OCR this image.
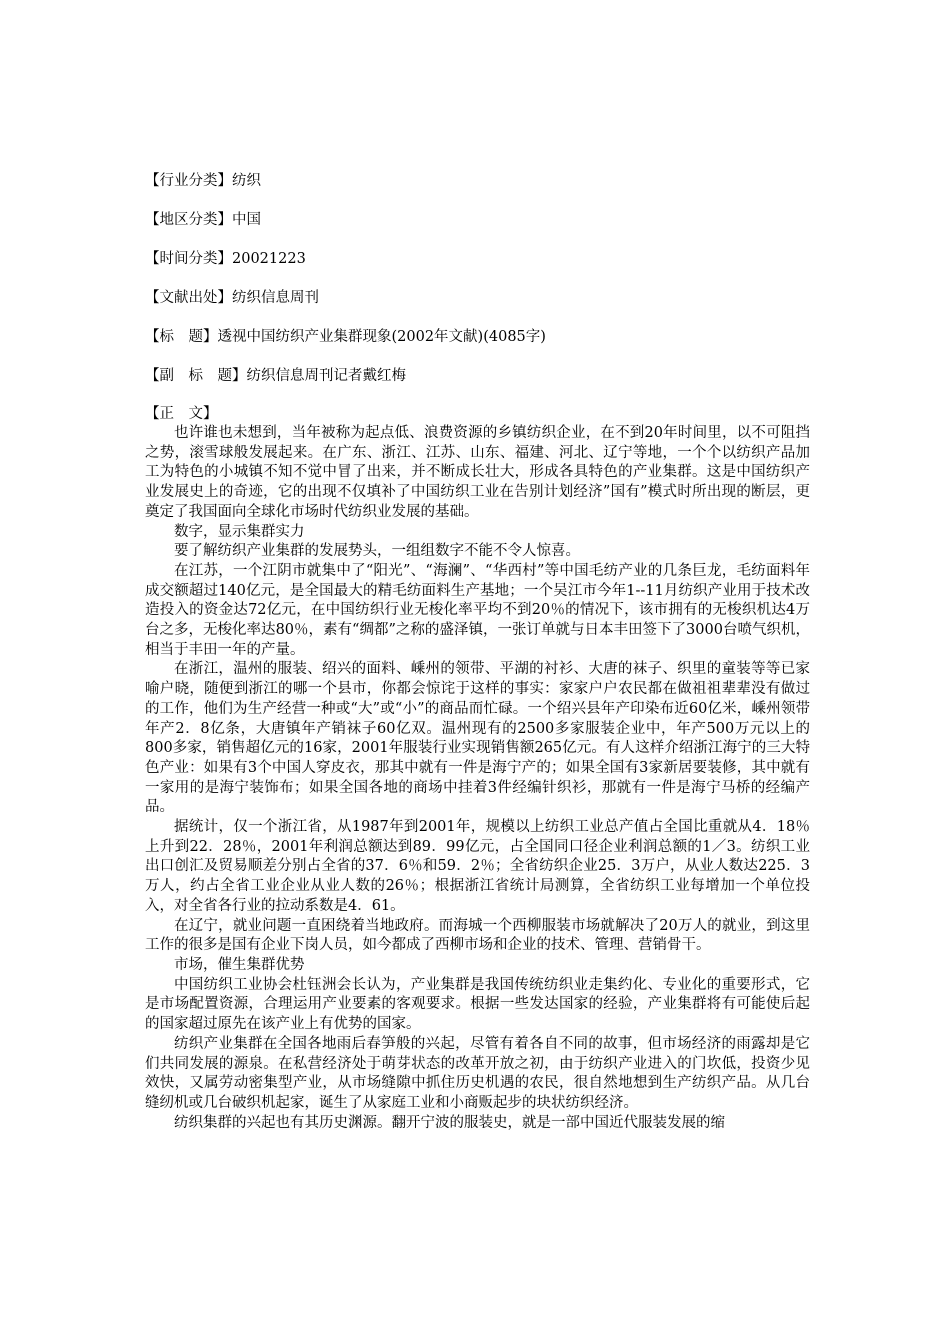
【行业分类】纺织
【地区分类】中国
【时间分类】20021223
【文献出处】纺织信息周刊
【标　题】透视中国纺织产业集群现象(2002年文献)(4085字)
【副　标　题】纺织信息周刊记者戴红梅
【正　文】

也许谁也未想到，当年被称为起点低、浪费资源的乡镇纺织企业，在不到20年时间里，以不可阻挡之势，滚雪球般发展起来。在广东、浙江、江苏、山东、福建、河北、辽宁等地，一个个以纺织产品加工为特色的小城镇不知不觉中冒了出来，并不断成长壮大，形成各具特色的产业集群。这是中国纺织产业发展史上的奇迹，它的出现不仅填补了中国纺织工业在告别计划经济”国有”模式时所出现的断层，更奠定了我国面向全球化市场时代纺织业发展的基础。

数字，显示集群实力

要了解纺织产业集群的发展势头，一组组数字不能不令人惊喜。

在江苏，一个江阴市就集中了“阳光”、“海澜”、“华西村”等中国毛纺产业的几条巨龙，毛纺面料年成交额超过140亿元，是全国最大的精毛纺面料生产基地；一个吴江市今年1--11月纺织产业用于技术改造投入的资金达72亿元，在中国纺织行业无梭化率平均不到20％的情况下，该市拥有的无梭织机达4万台之多，无梭化率达80％，素有“绸都”之称的盛泽镇，一张订单就与日本丰田签下了3000台喷气织机，相当于丰田一年的产量。

在浙江，温州的服装、绍兴的面料、嵊州的领带、平湖的衬衫、大唐的袜子、织里的童装等等已家喻户晓，随便到浙江的哪一个县市，你都会惊诧于这样的事实：家家户户农民都在做祖祖辈辈没有做过的工作，他们为生产经营一种或“大”或“小”的商品而忙碌。一个绍兴县年产印染布近60亿米，嵊州领带年产2．8亿条，大唐镇年产销袜子60亿双。温州现有的2500多家服装企业中，年产500万元以上的800多家，销售超亿元的16家，2001年服装行业实现销售额265亿元。有人这样介绍浙江海宁的三大特色产业：如果有3个中国人穿皮衣，那其中就有一件是海宁产的；如果全国有3家新居要装修，其中就有一家用的是海宁装饰布；如果全国各地的商场中挂着3件经编针织衫，那就有一件是海宁马桥的经编产品。

据统计，仅一个浙江省，从1987年到2001年，规模以上纺织工业总产值占全国比重就从4．18％上升到22．28％，2001年利润总额达到89．99亿元，占全国同口径企业利润总额的1／3。纺织工业出口创汇及贸易顺差分别占全省的37．6％和59．2％；全省纺织企业25．3万户，从业人数达225．3万人，约占全省工业企业从业人数的26％；根据浙江省统计局测算，全省纺织工业每增加一个单位投入，对全省各行业的拉动系数是4．61。

在辽宁，就业问题一直困绕着当地政府。而海城一个西柳服装市场就解决了20万人的就业，到这里工作的很多是国有企业下岗人员，如今都成了西柳市场和企业的技术、管理、营销骨干。

市场，催生集群优势

中国纺织工业协会杜钰洲会长认为，产业集群是我国传统纺织业走集约化、专业化的重要形式，它是市场配置资源，合理运用产业要素的客观要求。根据一些发达国家的经验，产业集群将有可能使后起的国家超过原先在该产业上有优势的国家。

纺织产业集群在全国各地雨后春笋般的兴起，尽管有着各自不同的故事，但市场经济的雨露却是它们共同发展的源泉。在私营经济处于萌芽状态的改革开放之初，由于纺织产业进入的门坎低，投资少见效快，又属劳动密集型产业，从市场缝隙中抓住历史机遇的农民，很自然地想到生产纺织产品。从几台缝纫机或几台破织机起家，诞生了从家庭工业和小商贩起步的块状纺织经济。

纺织集群的兴起也有其历史渊源。翻开宁波的服装史，就是一部中国近代服装发展的缩
